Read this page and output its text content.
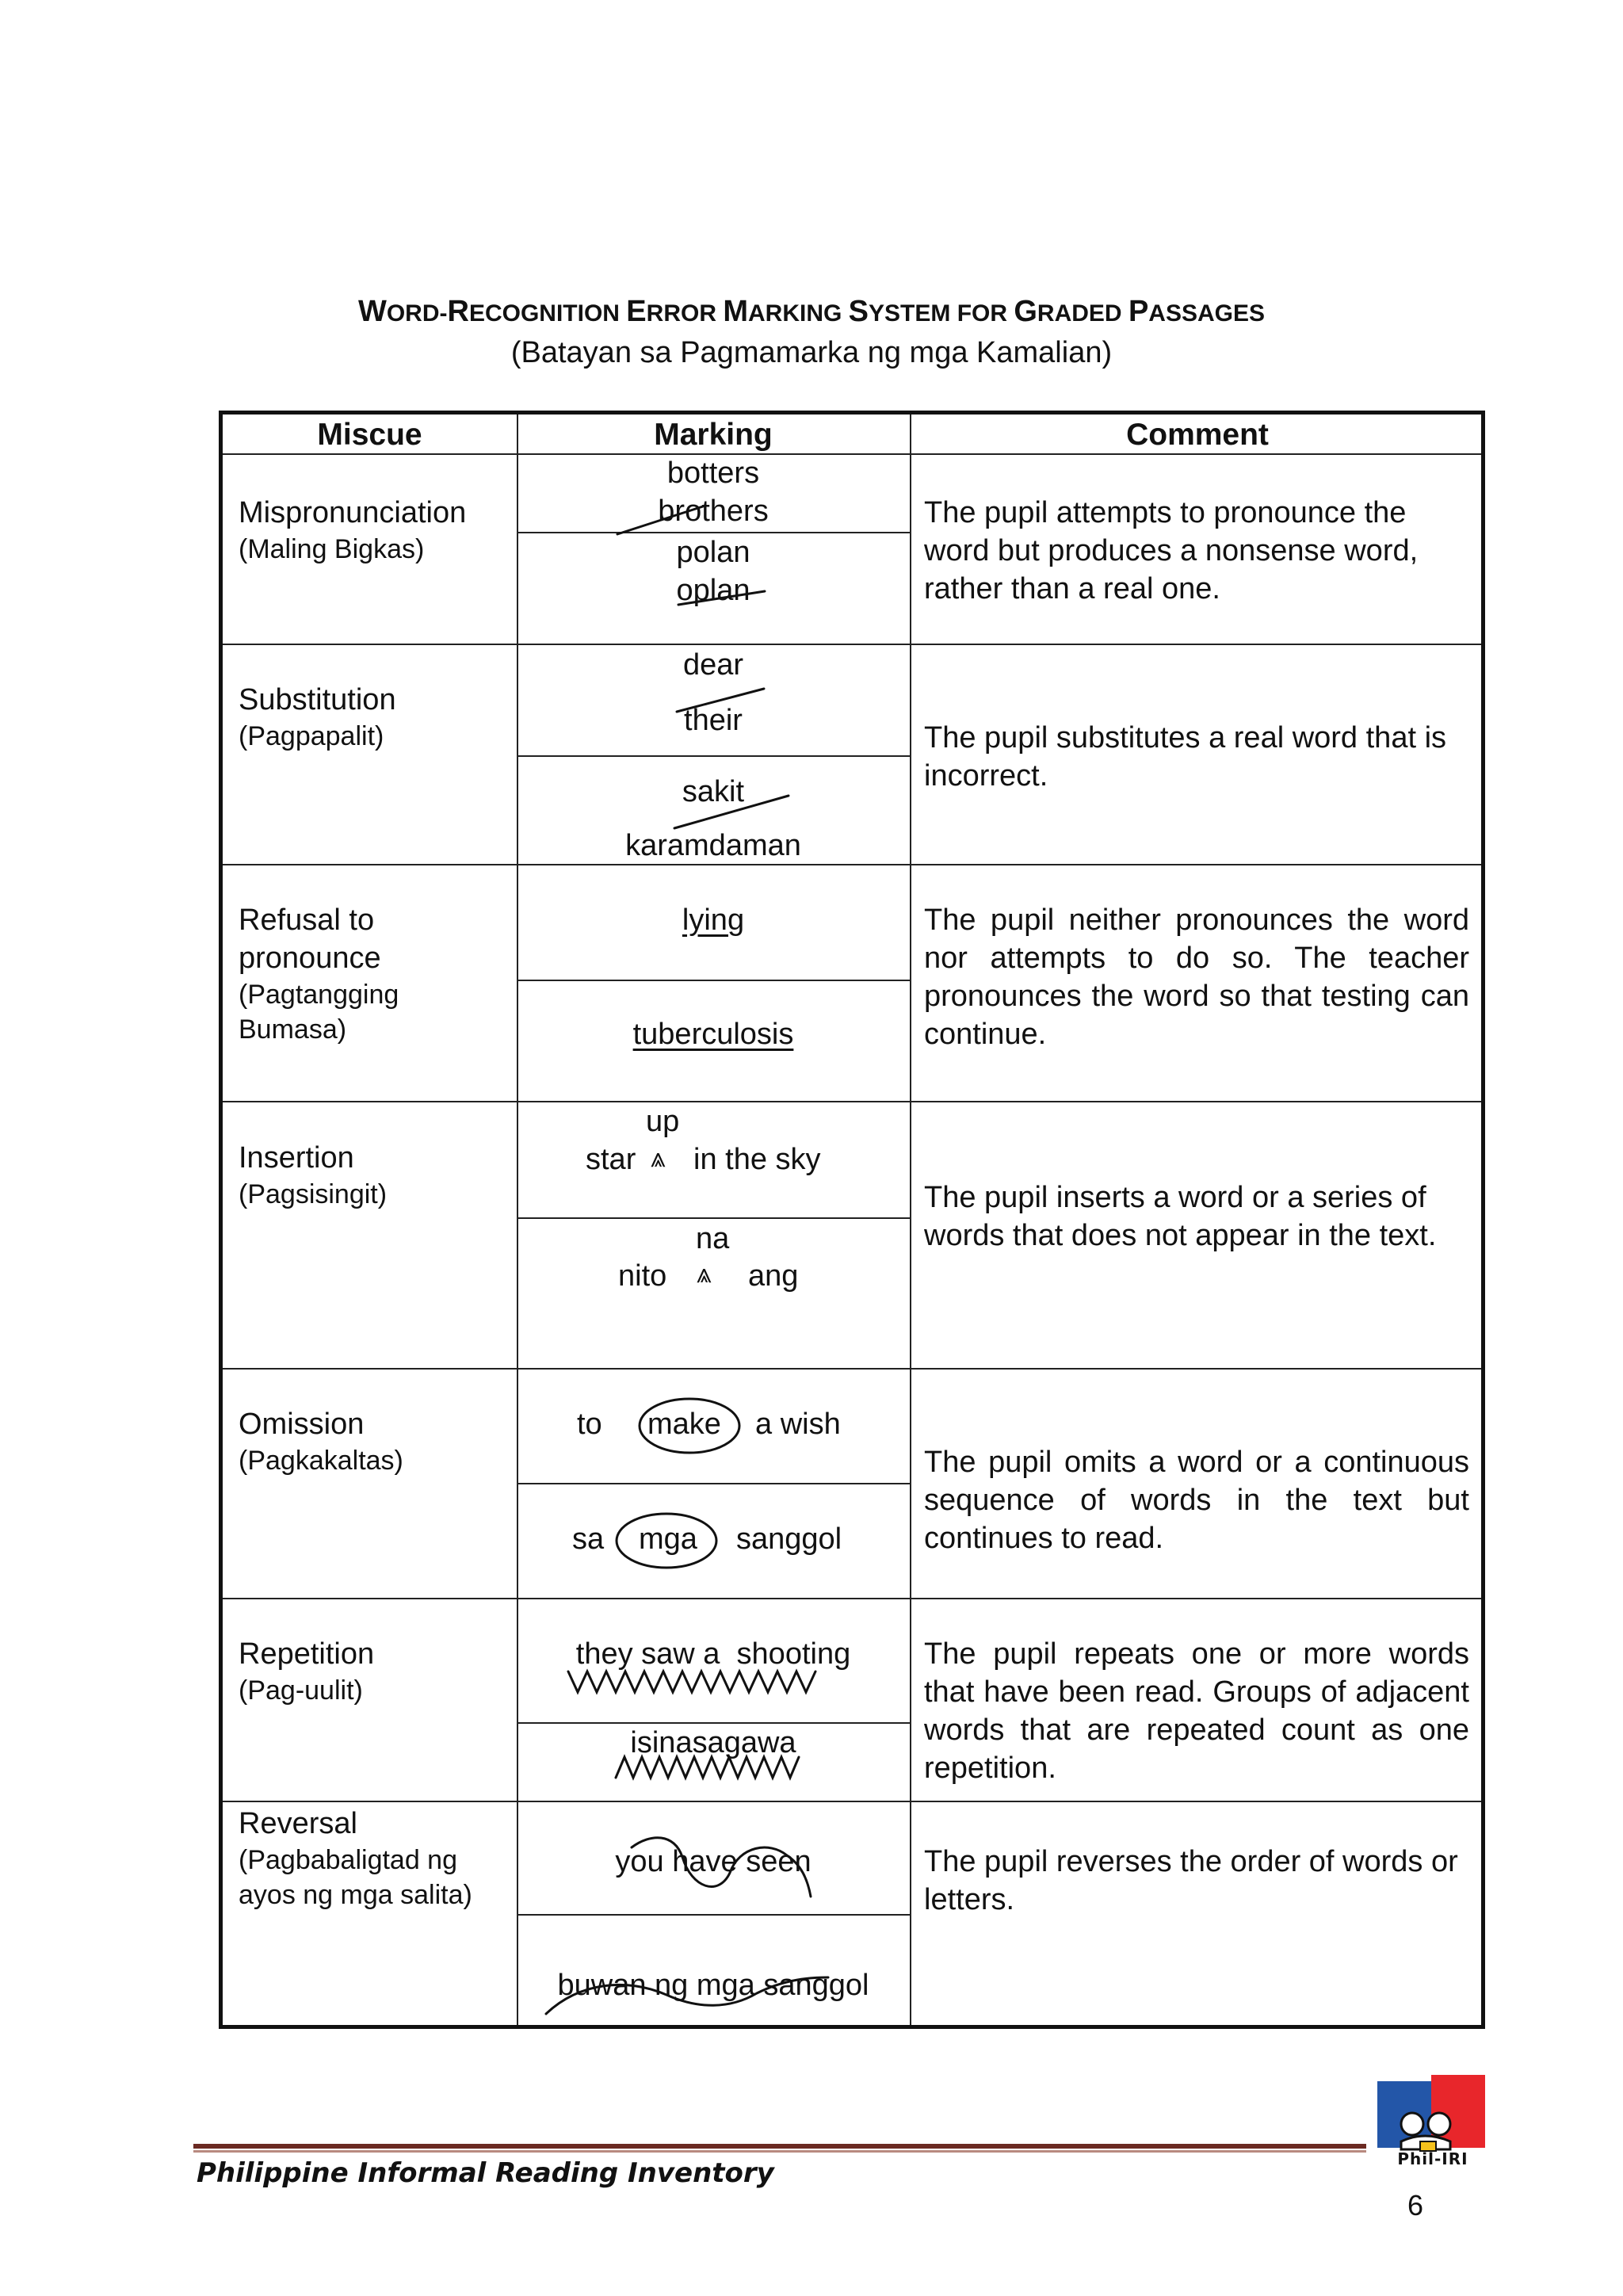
WORD-RECOGNITION ERROR MARKING SYSTEM FOR GRADED PASSAGES
(Batayan sa Pagmamarka ng mga Kamalian)
Miscue	Marking	Comment
Mispronunciation
(Maling Bigkas)
botters
brothers
polan
oplan
The pupil attempts to pronounce the word but produces a nonsense word, rather than a real one.
Substitution
(Pagpapalit)
dear
their
sakit
karamdaman
The pupil substitutes a real word that is incorrect.
Refusal to pronounce
(Pagtangging Bumasa)
lying
tuberculosis
The pupil neither pronounces the word nor attempts to do so. The teacher pronounces the word so that testing can continue.
Insertion
(Pagsisingit)
up
star ⩓ in the sky
na
nito ⩓ ang
The pupil inserts a word or a series of words that does not appear in the text.
Omission
(Pagkakaltas)
to make a wish
sa mga sanggol
The pupil omits a word or a continuous sequence of words in the text but continues to read.
Repetition
(Pag-uulit)
they saw a  shooting
isinasagawa
The pupil repeats one or more words that have been read. Groups of adjacent words that are repeated count as one repetition.
Reversal
(Pagbabaligtad ng ayos ng mga salita)
you have seen
buwan ng mga sanggol
The pupil reverses the order of words or letters.
Philippine Informal Reading Inventory
6
Phil-IRI
